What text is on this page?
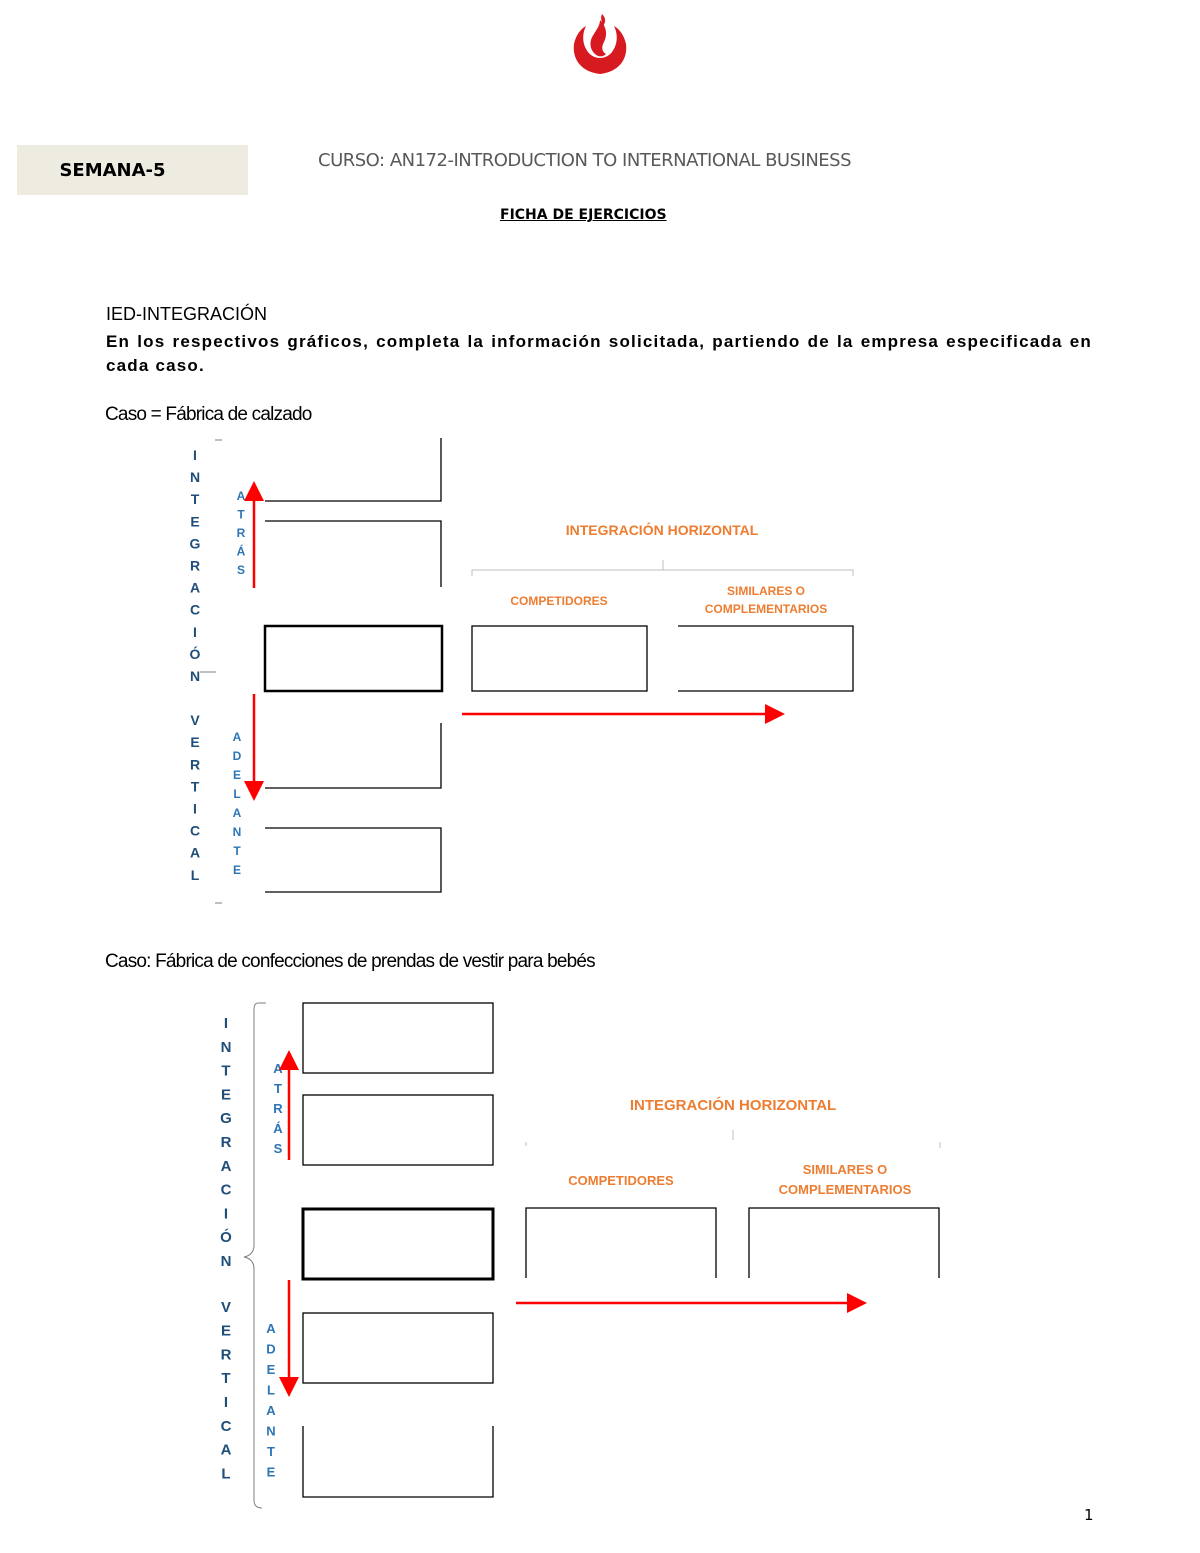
SEMANA-5	CURSO: AN172-INTRODUCTION TO INTERNATIONAL BUSINESS
FICHA DE EJERCICIOS
IED-INTEGRACIÓN
En los respectivos gráficos, completa la información solicitada, partiendo de la empresa especificada en cada caso.
Caso = Fábrica de calzado
Caso: Fábrica de confecciones de prendas de vestir para bebés
I
N
T
E
G
R
A
C
I
Ó
N
V
E
R
T
I
C
A
L
A
T
R
Á
S
A
D
E
L
A
N
T
E
INTEGRACIÓN HORIZONTAL
COMPETIDORES
SIMILARES O
COMPLEMENTARIOS
I
N
T
E
G
R
A
C
I
Ó
N
V
E
R
T
I
C
A
L
A
T
R
Á
S
A
D
E
L
A
N
T
E
INTEGRACIÓN HORIZONTAL
COMPETIDORES
SIMILARES O
COMPLEMENTARIOS
1
